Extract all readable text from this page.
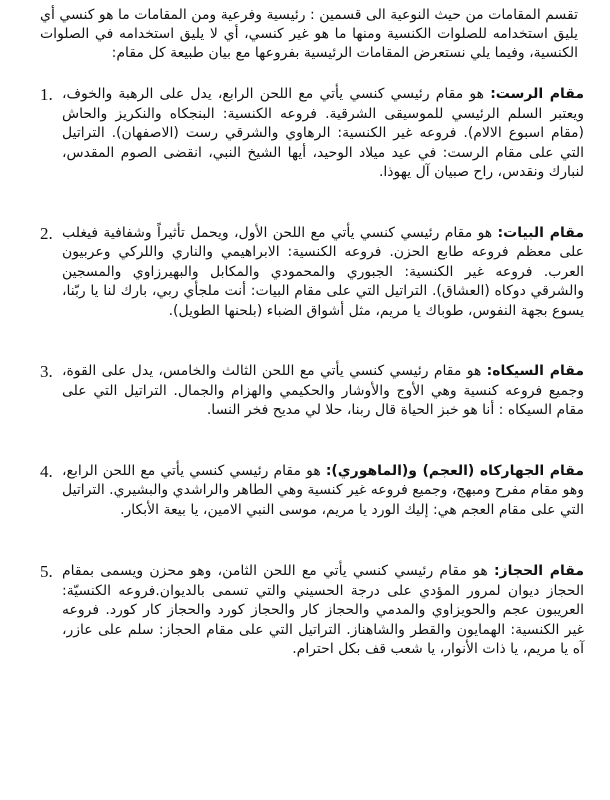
تقسم المقامات من حيث النوعية الى قسمين : رئيسية وفرعية ومن المقامات ما هو كنسي أي يليق استخدامه للصلوات الكنسية ومنها ما هو غير كنسي، أي لا يليق استخدامه في الصلوات الكنسية، وفيما يلي نستعرض المقامات الرئيسية بفروعها مع بيان طبيعة كل مقام:

1.	مقام الرست: هو مقام رئيسي كنسي يأتي مع اللحن الرابع، يدل على الرهبة والخوف، ويعتبر السلم الرئيسي للموسيقى الشرقية. فروعه الكنسية: البنجكاه والنكريز والحاش (مقام اسبوع الالام). فروعه غير الكنسية: الرهاوي والشرقي رست (الاصفهان). التراتيل التي على مقام الرست: في عيد ميلاد الوحيد، أيها الشيخ النبي، انقضى الصوم المقدس، لنبارك ونقدس، راح صبيان آل يهوذا.
2.	مقام البيات: هو مقام رئيسي كنسي يأتي مع اللحن الأول، ويحمل تأثيراً وشفافية فيغلب على معظم فروعه طابع الحزن. فروعه الكنسية: الابراهيمي والناري واللركي وعربيون العرب. فروعه غير الكنسية: الجبوري والمحمودي والمكابل والبهيرزاوي والمسجين والشرقي دوكاه (العشاق). التراتيل التي على مقام البيات: أنت ملجأي ربي، بارك لنا يا ربّنا، يسوع بجهة النفوس، طوباك يا مريم، مثل أشواق الضباء (بلحنها الطويل).
3.	مقام السيكاه: هو مقام رئيسي كنسي يأتي مع اللحن الثالث والخامس، يدل على القوة، وجميع فروعه كنسية وهي الأوج والأوشار والحكيمي والهزام والجمال. التراتيل التي على مقام السيكاه : أنا هو خبز الحياة قال ربنا، حلا لي مديح فخر النسا.
4.	مقام الجهاركاه (العجم) و(الماهوري): هو مقام رئيسي كنسي يأتي مع اللحن الرابع، وهو مقام مفرح ومبهج، وجميع فروعه غير كنسية وهي الطاهر والراشدي والبشيري. التراتيل التي على مقام العجم هي: إليك الورد يا مريم، موسى النبي الامين، يا بيعة الأبكار.
5.	مقام الحجاز: هو مقام رئيسي كنسي يأتي مع اللحن الثامن، وهو محزن ويسمى بمقام الحجاز ديوان لمرور المؤدي على درجة الحسيني والتي تسمى بالديوان.فروعه الكنسيّة: العريبون عجم والحويزاوي والمدمي والحجاز كار والحجاز كورد والحجاز كار كورد. فروعه غير الكنسية: الهمايون والقطر والشاهناز. التراتيل التي على مقام الحجاز: سلم على عازر، آه يا مريم، يا ذات الأنوار، يا شعب قف بكل احترام.
